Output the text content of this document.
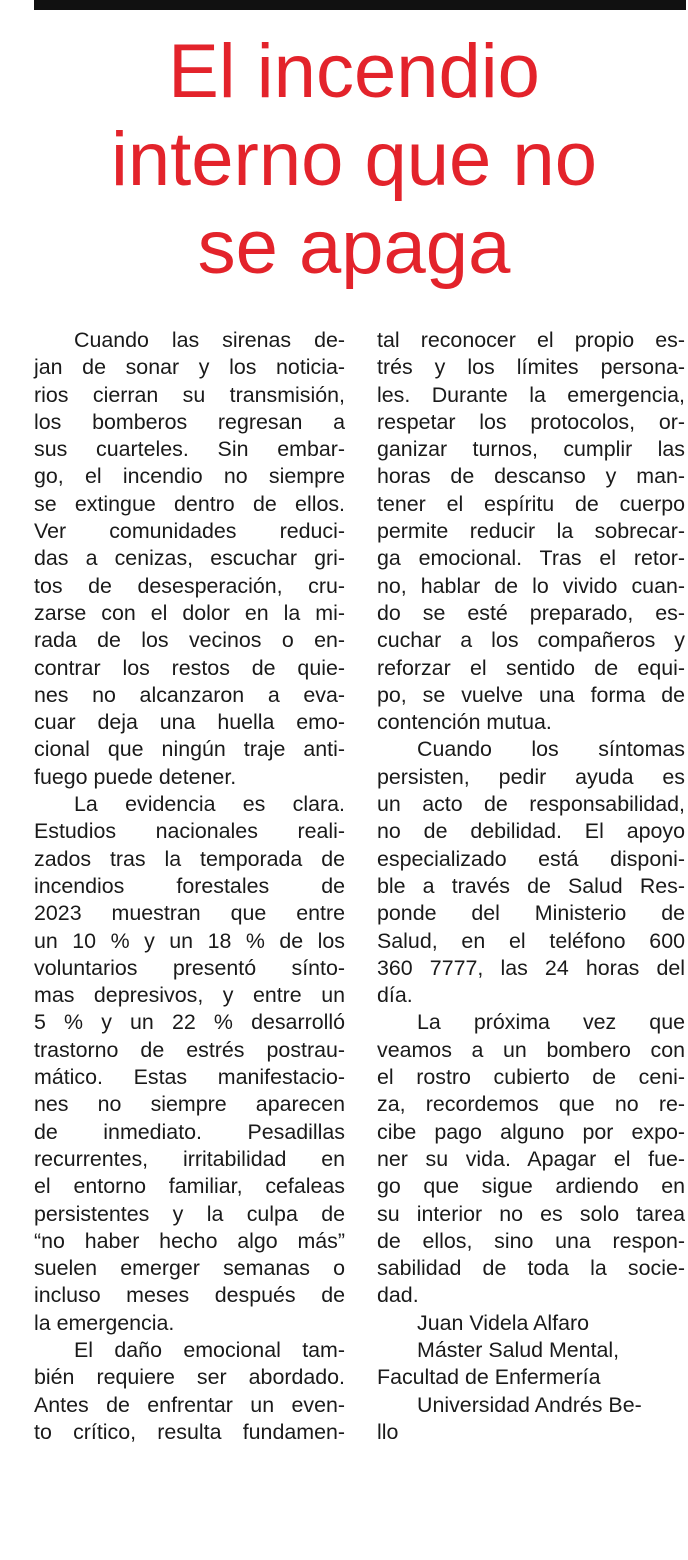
El incendio
interno que no
se apaga
Cuando las sirenas de-
jan de sonar y los noticia-
rios cierran su transmisión,
los bomberos regresan a
sus cuarteles. Sin embar-
go, el incendio no siempre
se extingue dentro de ellos.
Ver comunidades reduci-
das a cenizas, escuchar gri-
tos de desesperación, cru-
zarse con el dolor en la mi-
rada de los vecinos o en-
contrar los restos de quie-
nes no alcanzaron a eva-
cuar deja una huella emo-
cional que ningún traje anti-
fuego puede detener.
La evidencia es clara.
Estudios nacionales reali-
zados tras la temporada de
incendios forestales de
2023 muestran que entre
un 10 % y un 18 % de los
voluntarios presentó sínto-
mas depresivos, y entre un
5 % y un 22 % desarrolló
trastorno de estrés postrau-
mático. Estas manifestacio-
nes no siempre aparecen
de inmediato. Pesadillas
recurrentes, irritabilidad en
el entorno familiar, cefaleas
persistentes y la culpa de
“no haber hecho algo más”
suelen emerger semanas o
incluso meses después de
la emergencia.
El daño emocional tam-
bién requiere ser abordado.
Antes de enfrentar un even-
to crítico, resulta fundamen-
tal reconocer el propio es-
trés y los límites persona-
les. Durante la emergencia,
respetar los protocolos, or-
ganizar turnos, cumplir las
horas de descanso y man-
tener el espíritu de cuerpo
permite reducir la sobrecar-
ga emocional. Tras el retor-
no, hablar de lo vivido cuan-
do se esté preparado, es-
cuchar a los compañeros y
reforzar el sentido de equi-
po, se vuelve una forma de
contención mutua.
Cuando los síntomas
persisten, pedir ayuda es
un acto de responsabilidad,
no de debilidad. El apoyo
especializado está disponi-
ble a través de Salud Res-
ponde del Ministerio de
Salud, en el teléfono 600
360 7777, las 24 horas del
día.
La próxima vez que
veamos a un bombero con
el rostro cubierto de ceni-
za, recordemos que no re-
cibe pago alguno por expo-
ner su vida. Apagar el fue-
go que sigue ardiendo en
su interior no es solo tarea
de ellos, sino una respon-
sabilidad de toda la socie-
dad.
Juan Videla Alfaro
Máster Salud Mental,
Facultad de Enfermería
Universidad Andrés Be-
llo
